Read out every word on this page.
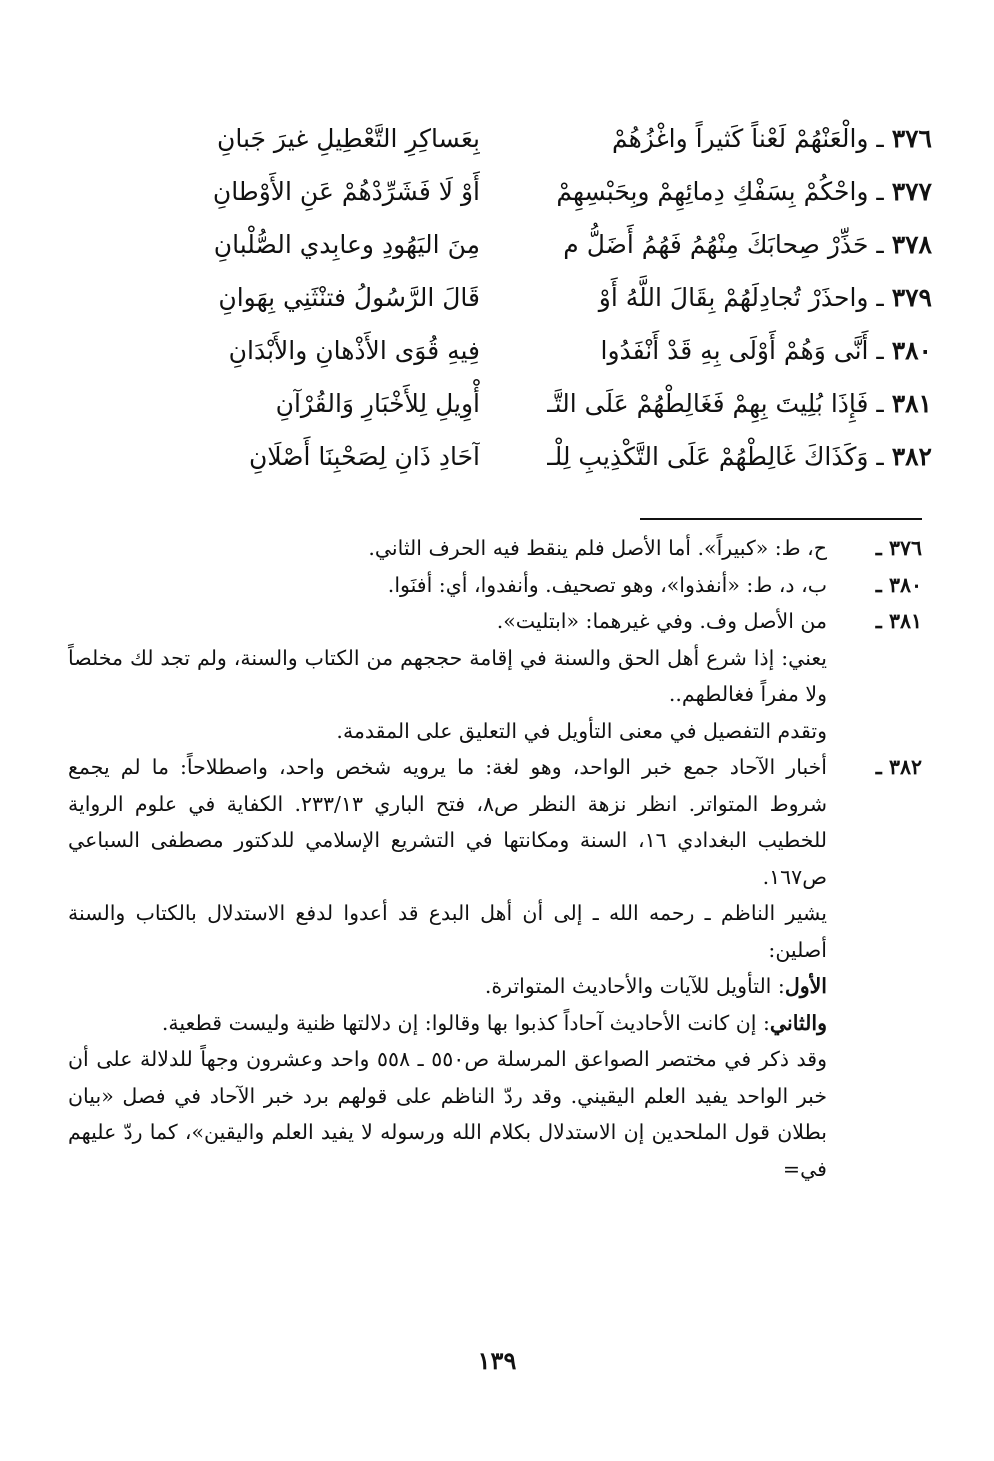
٣٧٦ ـ والْعَنْهُمْ لَعْناً كَثيراً واغْزُهُمْ
بِعَساكِرِ التَّعْطِيلِ غيرَ جَبانِ
٣٧٧ ـ واحْكُمْ بِسَفْكِ دِمائِهِمْ وبِحَبْسِهِمْ
أَوْ لَا فَشَرِّدْهُمْ عَنِ الأَوْطانِ
٣٧٨ ـ حَذِّرْ صِحابَكَ مِنْهُمُ فَهُمُ أَضَلُّ م
مِنَ اليَهُودِ وعابِدي الصُّلْبانِ
٣٧٩ ـ واحذَرْ تُجادِلَهُمْ بِقَالَ اللَّهُ أَوْ
قَالَ الرَّسُولُ فتنْثَنِي بِهَوانِ
٣٨٠ ـ أَنَّى وَهُمْ أَوْلَى بِهِ قَدْ أَنْفَدُوا
فِيهِ قُوَى الأَذْهانِ والأَبْدَانِ
٣٨١ ـ فَإِذَا بُلِيتَ بِهِمْ فَغَالِطْهُمْ عَلَى التَّـ
أْوِيلِ لِلأَخْبَارِ وَالقُرْآنِ
٣٨٢ ـ وَكَذَاكَ غَالِطْهُمْ عَلَى التَّكْذِيبِ لِلْـ
آحَادِ ذَانِ لِصَحْبِنَا أَصْلَانِ
٣٧٦ ـ
ح، ط: «كبيراً». أما الأصل فلم ينقط فيه الحرف الثاني.
٣٨٠ ـ
ب، د، ط: «أنفذوا»، وهو تصحيف. وأنفدوا، أي: أفنَوا.
٣٨١ ـ
من الأصل وف. وفي غيرهما: «ابتليت».
يعني: إذا شرع أهل الحق والسنة في إقامة حججهم من الكتاب والسنة، ولم تجد لك مخلصاً ولا مفراً فغالطهم..
وتقدم التفصيل في معنى التأويل في التعليق على المقدمة.
٣٨٢ ـ
أخبار الآحاد جمع خبر الواحد، وهو لغة: ما يرويه شخص واحد، واصطلاحاً: ما لم يجمع شروط المتواتر. انظر نزهة النظر ص٨، فتح الباري ٢٣٣/١٣. الكفاية في علوم الرواية للخطيب البغدادي ١٦، السنة ومكانتها في التشريع الإسلامي للدكتور مصطفى السباعي ص١٦٧.
يشير الناظم ـ رحمه الله ـ إلى أن أهل البدع قد أعدوا لدفع الاستدلال بالكتاب والسنة أصلين:
الأول: التأويل للآيات والأحاديث المتواترة.
والثاني: إن كانت الأحاديث آحاداً كذبوا بها وقالوا: إن دلالتها ظنية وليست قطعية.
وقد ذكر في مختصر الصواعق المرسلة ص٥٥٠ ـ ٥٥٨ واحد وعشرون وجهاً للدلالة على أن خبر الواحد يفيد العلم اليقيني. وقد ردّ الناظم على قولهم برد خبر الآحاد في فصل «بيان بطلان قول الملحدين إن الاستدلال بكلام الله ورسوله لا يفيد العلم واليقين»، كما ردّ عليهم في=
١٣٩
